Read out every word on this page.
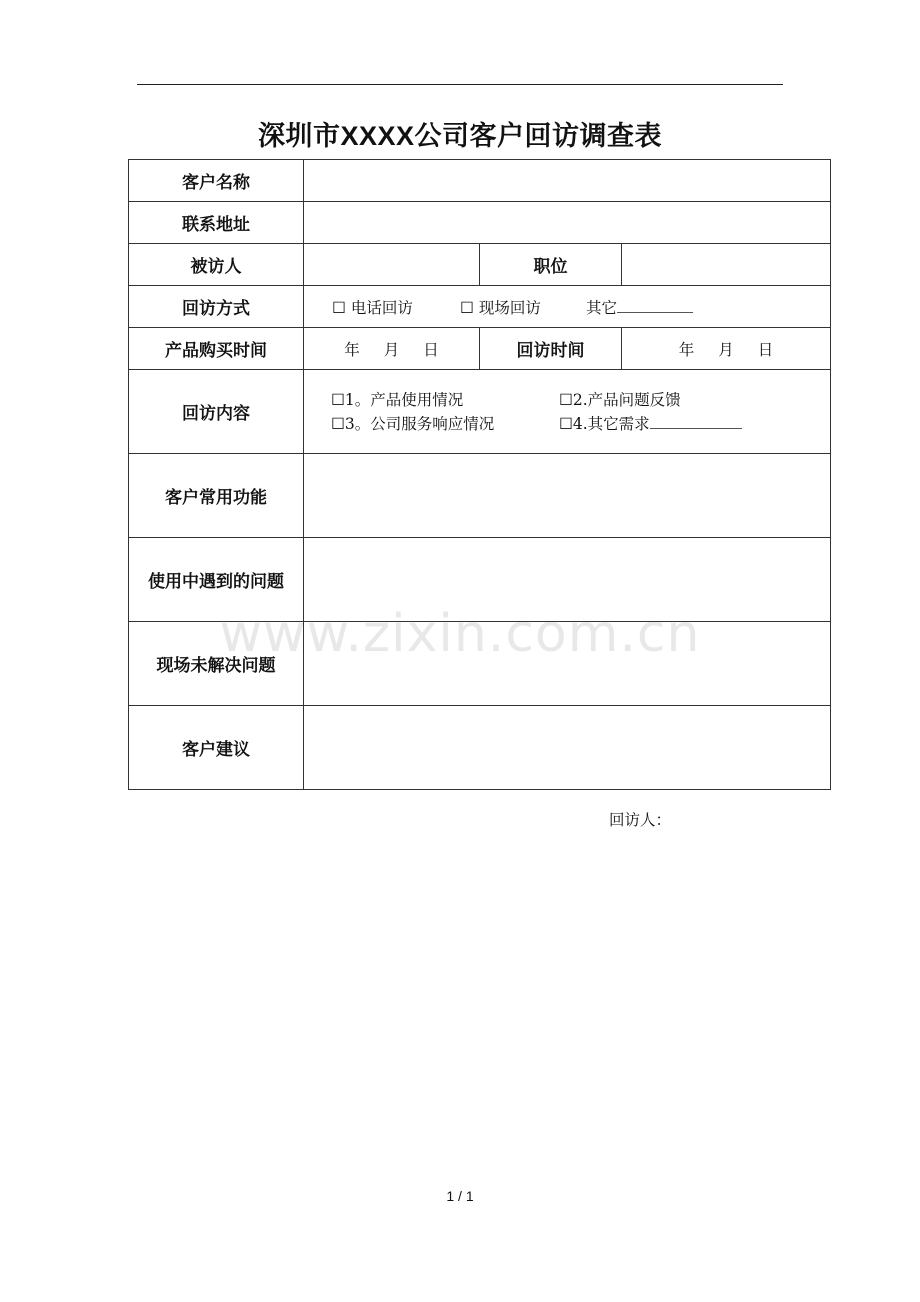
深圳市XXXX公司客户回访调查表
www.zixin.com.cn
客户名称			
联系地址			
被访人		职位	
回访方式	☐ 电话回访 ☐ 现场回访 其它		
产品购买时间	年 月 日	回访时间	年 月 日
回访内容	☐1。产品使用情况 ☐2.产品问题反馈
☐3。公司服务响应情况 ☐4.其它需求		

客户常用功能			
使用中遇到的问题			
现场未解决问题			
客户建议			
回访人：
1 / 1
